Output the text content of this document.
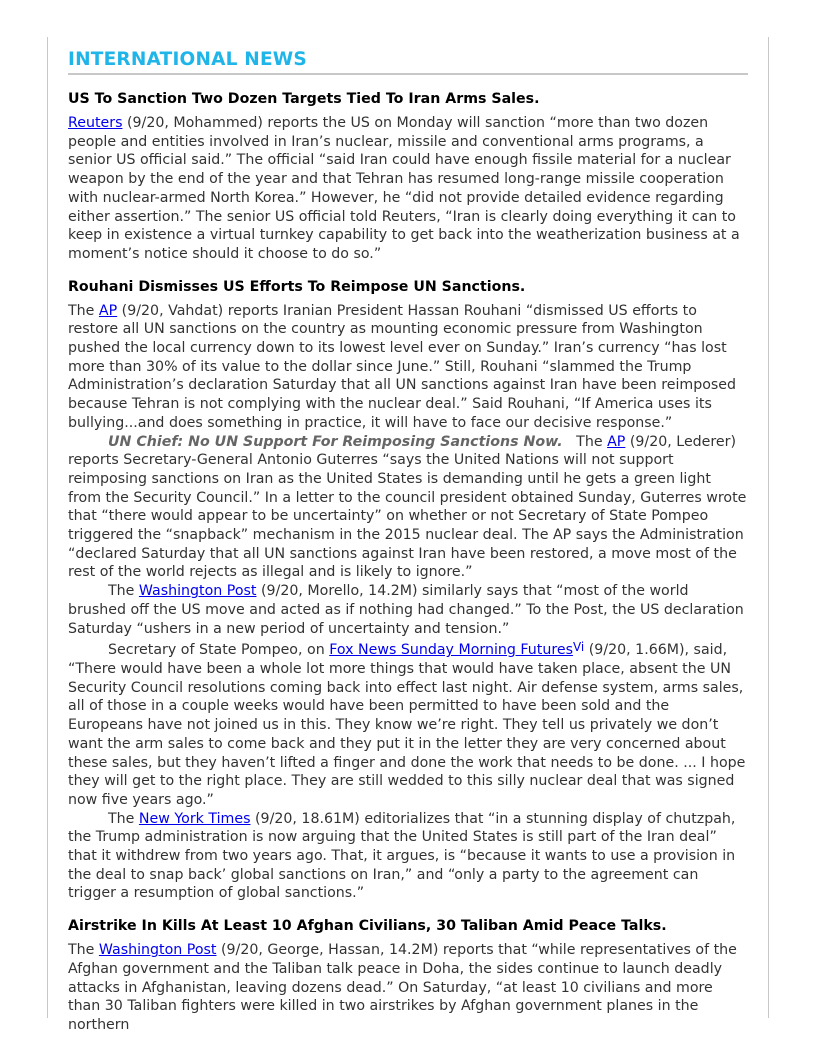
INTERNATIONAL NEWS
US To Sanction Two Dozen Targets Tied To Iran Arms Sales.

Reuters (9/20, Mohammed) reports the US on Monday will sanction “more than two dozen people and entities involved in Iran’s nuclear, missile and conventional arms programs, a senior US official said.” The official “said Iran could have enough fissile material for a nuclear weapon by the end of the year and that Tehran has resumed long-range missile cooperation with nuclear-armed North Korea.” However, he “did not provide detailed evidence regarding either assertion.” The senior US official told Reuters, “Iran is clearly doing everything it can to keep in existence a virtual turnkey capability to get back into the weatherization business at a moment’s notice should it choose to do so.”

Rouhani Dismisses US Efforts To Reimpose UN Sanctions.

The AP (9/20, Vahdat) reports Iranian President Hassan Rouhani “dismissed US efforts to restore all UN sanctions on the country as mounting economic pressure from Washington pushed the local currency down to its lowest level ever on Sunday.” Iran’s currency “has lost more than 30% of its value to the dollar since June.” Still, Rouhani “slammed the Trump Administration’s declaration Saturday that all UN sanctions against Iran have been reimposed because Tehran is not complying with the nuclear deal.” Said Rouhani, “If America uses its bullying...and does something in practice, it will have to face our decisive response.”

UN Chief: No UN Support For Reimposing Sanctions Now.   The AP (9/20, Lederer) reports Secretary-General Antonio Guterres “says the United Nations will not support reimposing sanctions on Iran as the United States is demanding until he gets a green light from the Security Council.” In a letter to the council president obtained Sunday, Guterres wrote that “there would appear to be uncertainty” on whether or not Secretary of State Pompeo triggered the “snapback” mechanism in the 2015 nuclear deal. The AP says the Administration “declared Saturday that all UN sanctions against Iran have been restored, a move most of the rest of the world rejects as illegal and is likely to ignore.”

The Washington Post (9/20, Morello, 14.2M) similarly says that “most of the world brushed off the US move and acted as if nothing had changed.” To the Post, the US declaration Saturday “ushers in a new period of uncertainty and tension.”

Secretary of State Pompeo, on Fox News Sunday Morning Futures$^{Vi}$ (9/20, 1.66M), said, “There would have been a whole lot more things that would have taken place, absent the UN Security Council resolutions coming back into effect last night. Air defense system, arms sales, all of those in a couple weeks would have been permitted to have been sold and the Europeans have not joined us in this. They know we’re right. They tell us privately we don’t want the arm sales to come back and they put it in the letter they are very concerned about these sales, but they haven’t lifted a finger and done the work that needs to be done. ... I hope they will get to the right place. They are still wedded to this silly nuclear deal that was signed now five years ago.”

The New York Times (9/20, 18.61M) editorializes that “in a stunning display of chutzpah, the Trump administration is now arguing that the United States is still part of the Iran deal” that it withdrew from two years ago. That, it argues, is “because it wants to use a provision in the deal to snap back’ global sanctions on Iran,” and “only a party to the agreement can trigger a resumption of global sanctions.”

Airstrike In Kills At Least 10 Afghan Civilians, 30 Taliban Amid Peace Talks.

The Washington Post (9/20, George, Hassan, 14.2M) reports that “while representatives of the Afghan government and the Taliban talk peace in Doha, the sides continue to launch deadly attacks in Afghanistan, leaving dozens dead.” On Saturday, “at least 10 civilians and more than 30 Taliban fighters were killed in two airstrikes by Afghan government planes in the northern
